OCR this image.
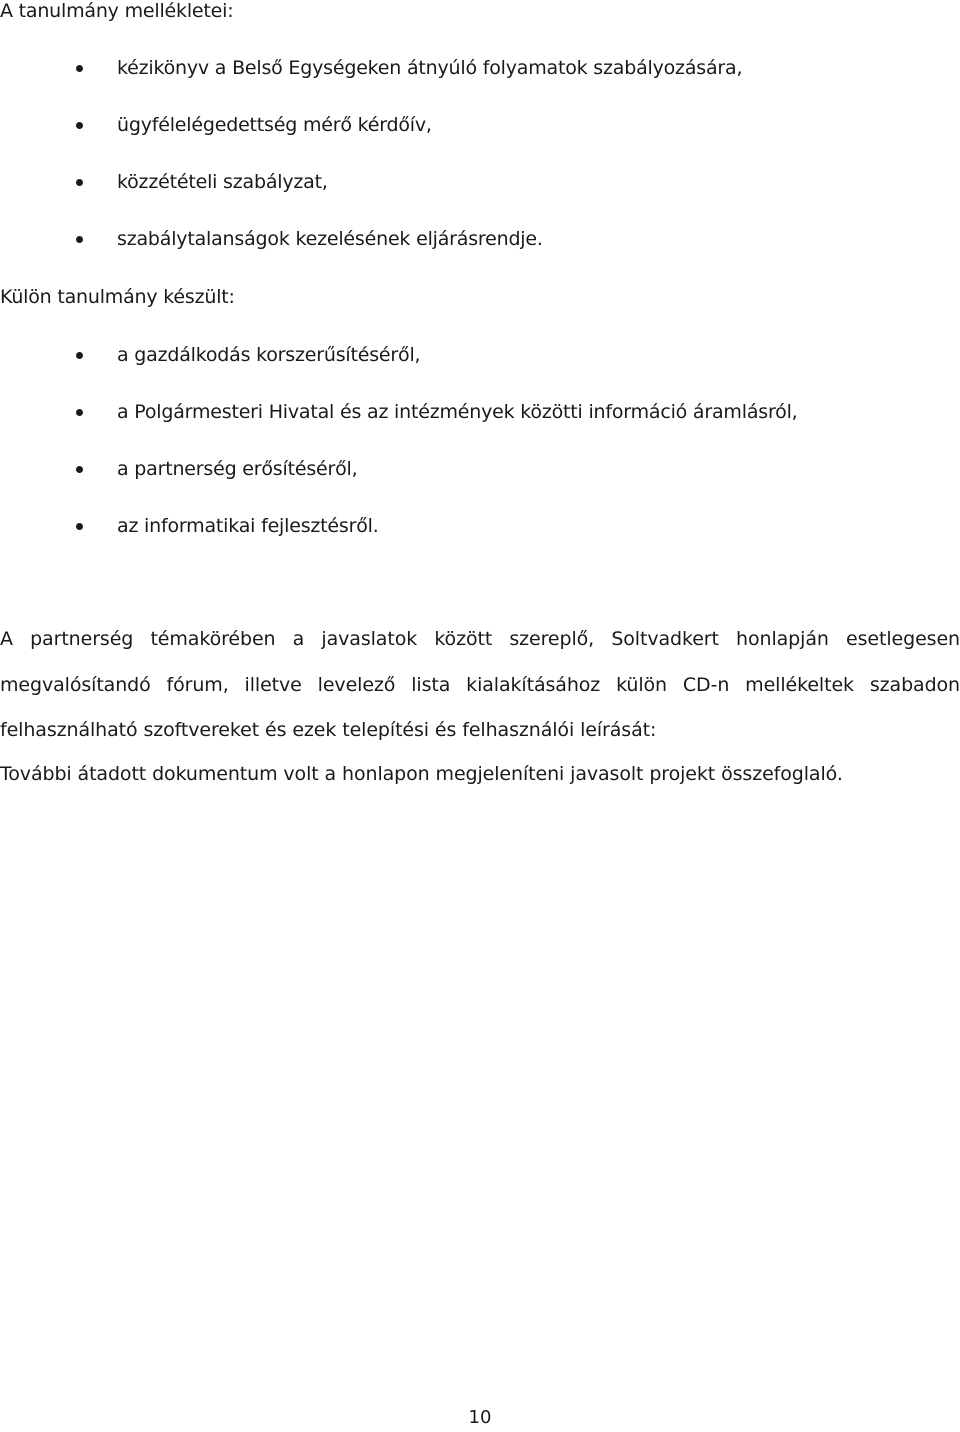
A tanulmány mellékletei:
kézikönyv a Belső Egységeken átnyúló folyamatok szabályozására,
ügyfélelégedettség mérő kérdőív,
közzétételi szabályzat,
szabálytalanságok kezelésének eljárásrendje.
Külön tanulmány készült:
a gazdálkodás korszerűsítéséről,
a Polgármesteri Hivatal és az intézmények közötti információ áramlásról,
a partnerség erősítéséről,
az informatikai fejlesztésről.

A partnerség témakörében a javaslatok között szereplő, Soltvadkert honlapján esetlegesen megvalósítandó fórum, illetve levelező lista kialakításához külön CD-n mellékeltek szabadon felhasználható szoftvereket és ezek telepítési és felhasználói leírását:

További átadott dokumentum volt a honlapon megjeleníteni javasolt projekt összefoglaló.

10
